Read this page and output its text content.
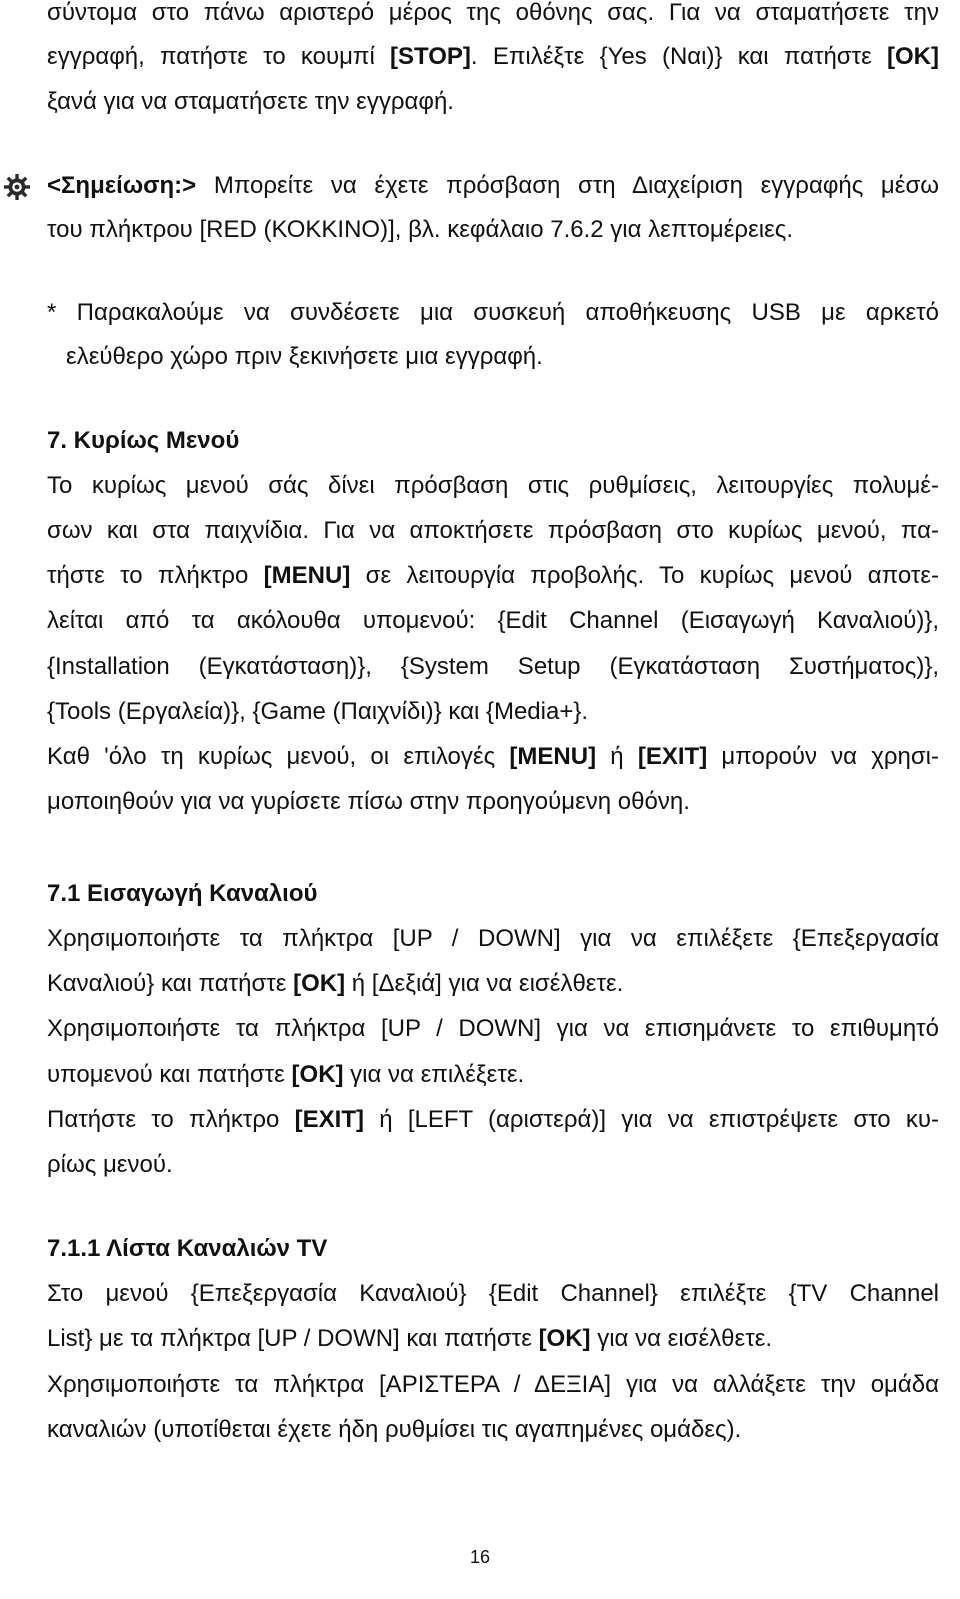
σύντομα στο πάνω αριστερό μέρος της οθόνης σας. Για να σταματήσετε την
εγγραφή, πατήστε το κουμπί [STOP]. Επιλέξτε {Yes (Ναι)} και πατήστε [OK]
ξανά για να σταματήσετε την εγγραφή.
<Σημείωση:> Μπορείτε να έχετε πρόσβαση στη Διαχείριση εγγραφής μέσω
του πλήκτρου [RED (ΚΟΚΚΙΝΟ)], βλ. κεφάλαιο 7.6.2 για λεπτομέρειες.
* Παρακαλούμε να συνδέσετε μια συσκευή αποθήκευσης USB με αρκετό
ελεύθερο χώρο πριν ξεκινήσετε μια εγγραφή.
7. Κυρίως Μενού
Το κυρίως μενού σάς δίνει πρόσβαση στις ρυθμίσεις, λειτουργίες πολυμέ-
σων και στα παιχνίδια. Για να αποκτήσετε πρόσβαση στο κυρίως μενού, πα-
τήστε το πλήκτρο [MENU] σε λειτουργία προβολής. Το κυρίως μενού αποτε-
λείται από τα ακόλουθα υπομενού: {Edit Channel (Εισαγωγή Καναλιού)},
{Installation (Εγκατάσταση)}, {System Setup (Εγκατάσταση Συστήματος)},
{Tools (Εργαλεία)}, {Game (Παιχνίδι)} και {Media+}.
Καθ 'όλο τη κυρίως μενού, οι επιλογές [MENU] ή [EXIT] μπορούν να χρησι-
μοποιηθούν για να γυρίσετε πίσω στην προηγούμενη οθόνη.
7.1 Εισαγωγή Καναλιού
Χρησιμοποιήστε τα πλήκτρα [UP / DOWN] για να επιλέξετε {Επεξεργασία
Καναλιού} και πατήστε [OK] ή [Δεξιά] για να εισέλθετε.
Χρησιμοποιήστε τα πλήκτρα [UP / DOWN] για να επισημάνετε το επιθυμητό
υπομενού και πατήστε [OK] για να επιλέξετε.
Πατήστε το πλήκτρο [EXIT] ή [LEFT (αριστερά)] για να επιστρέψετε στο κυ-
ρίως μενού.
7.1.1 Λίστα Καναλιών TV
Στο μενού {Επεξεργασία Καναλιού} {Edit Channel} επιλέξτε {TV Channel
List} με τα πλήκτρα [UP / DOWN] και πατήστε [OK] για να εισέλθετε.
Χρησιμοποιήστε τα πλήκτρα [ΑΡΙΣΤΕΡΑ / ΔΕΞΙΑ] για να αλλάξετε την ομάδα
καναλιών (υποτίθεται έχετε ήδη ρυθμίσει τις αγαπημένες ομάδες).
16
